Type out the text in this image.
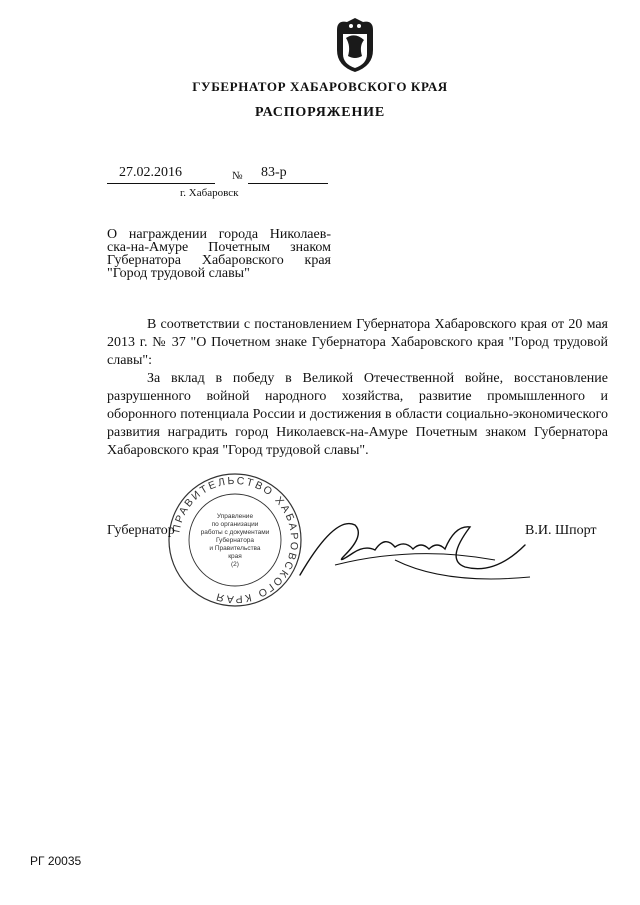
ГУБЕРНАТОР ХАБАРОВСКОГО КРАЯ
РАСПОРЯЖЕНИЕ
27.02.2016	№	83-р
г. Хабаровск
О награждении города Николаев-
ска-на-Амуре Почетным знаком
Губернатора Хабаровского края
"Город трудовой славы"

В соответствии с постановлением Губернатора Хабаровского края от 20 мая 2013 г. № 37 "О Почетном знаке Губернатора Хабаровского края "Город трудовой славы":

За вклад в победу в Великой Отечественной войне, восстановление разрушенного войной народного хозяйства, развитие промышленного и оборонного потенциала России и достижения в области социально-экономического развития наградить город Николаевск-на-Амуре Почетным знаком Губернатора Хабаровского края "Город трудовой славы".

ПРАВИТЕЛЬСТВО ХАБАРОВСКОГО КРАЯ
Управление
по организации
работы с документами
Губернатора
и Правительства
края
(2)
Губернатор	В.И. Шпорт
РГ 20035
